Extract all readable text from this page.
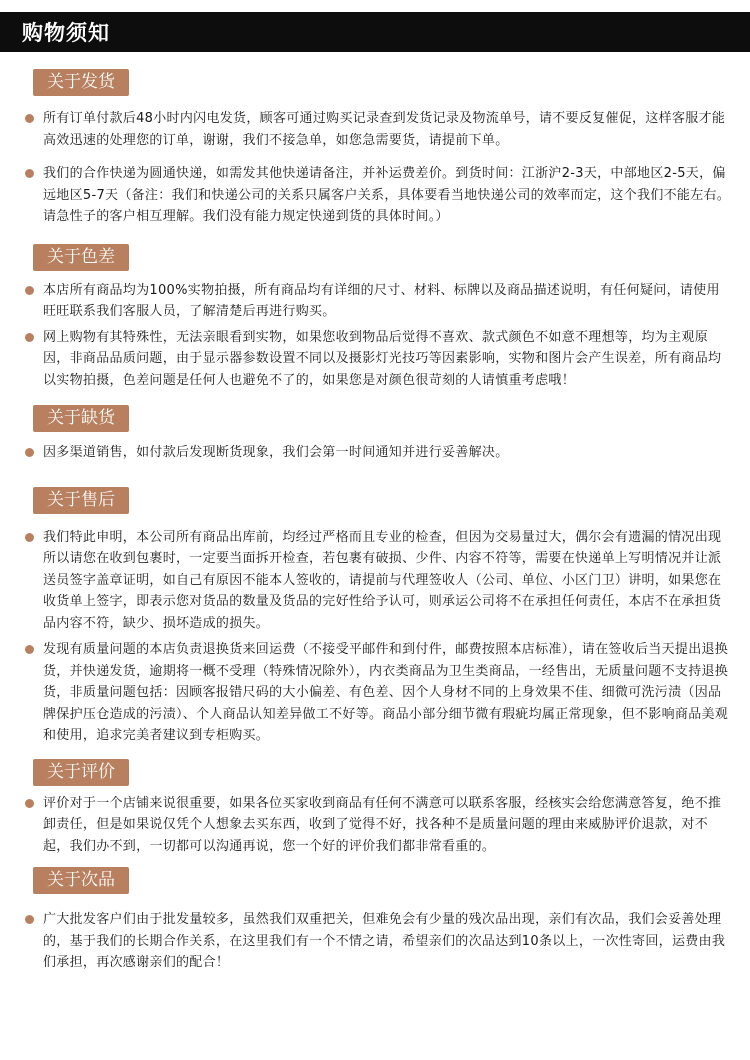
购物须知
关于发货
所有订单付款后48小时内闪电发货，顾客可通过购买记录查到发货记录及物流单号，请不要反复催促，这样客服才能高效迅速的处理您的订单，谢谢，我们不接急单，如您急需要货，请提前下单。
我们的合作快递为圆通快递，如需发其他快递请备注，并补运费差价。到货时间：江浙沪2-3天，中部地区2-5天，偏远地区5-7天（备注：我们和快递公司的关系只属客户关系，具体要看当地快递公司的效率而定，这个我们不能左右。请急性子的客户相互理解。我们没有能力规定快递到货的具体时间。）
关于色差
本店所有商品均为100%实物拍摄，所有商品均有详细的尺寸、材料、标牌以及商品描述说明，有任何疑问，请使用旺旺联系我们客服人员，了解清楚后再进行购买。
网上购物有其特殊性，无法亲眼看到实物，如果您收到物品后觉得不喜欢、款式颜色不如意不理想等，均为主观原因，非商品品质问题，由于显示器参数设置不同以及摄影灯光技巧等因素影响，实物和图片会产生误差，所有商品均以实物拍摄，色差问题是任何人也避免不了的，如果您是对颜色很苛刻的人请慎重考虑哦！
关于缺货
因多渠道销售，如付款后发现断货现象，我们会第一时间通知并进行妥善解决。
关于售后
我们特此申明，本公司所有商品出库前，均经过严格而且专业的检查，但因为交易量过大，偶尔会有遗漏的情况出现所以请您在收到包裹时，一定要当面拆开检查，若包裹有破损、少件、内容不符等，需要在快递单上写明情况并让派送员签字盖章证明，如自己有原因不能本人签收的，请提前与代理签收人（公司、单位、小区门卫）讲明，如果您在收货单上签字，即表示您对货品的数量及货品的完好性给予认可，则承运公司将不在承担任何责任，本店不在承担货品内容不符，缺少、损坏造成的损失。
发现有质量问题的本店负责退换货来回运费（不接受平邮件和到付件，邮费按照本店标准），请在签收后当天提出退换货，并快递发货，逾期将一概不受理（特殊情况除外），内衣类商品为卫生类商品，一经售出，无质量问题不支持退换货，非质量问题包括：因顾客报错尺码的大小偏差、有色差、因个人身材不同的上身效果不佳、细微可洗污渍（因品牌保护压仓造成的污渍）、个人商品认知差异做工不好等。商品小部分细节微有瑕疵均属正常现象，但不影响商品美观和使用，追求完美者建议到专柜购买。
关于评价
评价对于一个店铺来说很重要，如果各位买家收到商品有任何不满意可以联系客服，经核实会给您满意答复，绝不推卸责任，但是如果说仅凭个人想象去买东西，收到了觉得不好，找各种不是质量问题的理由来威胁评价退款，对不起，我们办不到，一切都可以沟通再说，您一个好的评价我们都非常看重的。
关于次品
广大批发客户们由于批发量较多，虽然我们双重把关，但难免会有少量的残次品出现，亲们有次品，我们会妥善处理的，基于我们的长期合作关系，在这里我们有一个不情之请，希望亲们的次品达到10条以上，一次性寄回，运费由我们承担，再次感谢亲们的配合！
